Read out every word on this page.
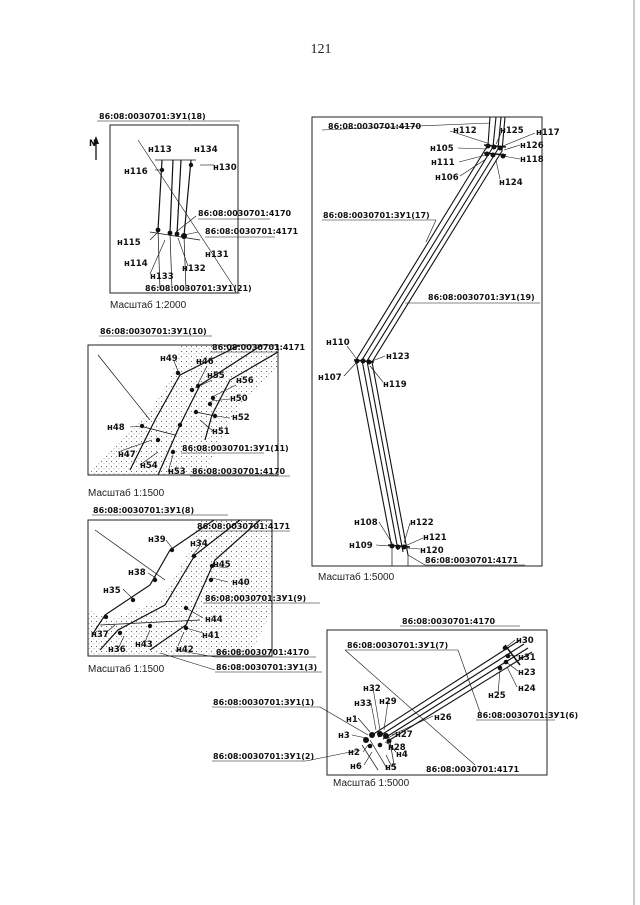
121
N
н113	н134
н116	н130
н115
н114
н131
н133
н132
86:08:0030701:ЗУ1(18)
86:08:0030701:4170
86:08:0030701:4171
86:08:0030701:ЗУ1(21)
н49 н46
н55 н56
н50
н52
н48	н51
н47
н54
н53
86:08:0030701:ЗУ1(10)
86:08:0030701:4171
86:08:0030701:ЗУ1(11)
86:08:0030701:4170
н39	н34
н38
н45
н40
н35
н44
н41
н37
н36 н43	н42
86:08:0030701:ЗУ1(8)
86:08:0030701:4171
86:08:0030701:ЗУ1(9)
86:08:0030701:4170
86:08:0030701:ЗУ1(3)
н112	н125 н117
н105	н126
н111	н118
н106	н124
н110
н123
н107
н119
н108	н122
н121
н109	н120
86:08:0030701:4170
86:08:0030701:ЗУ1(17)
86:08:0030701:ЗУ1(19)
86:08:0030701:4171
н30
н31
н23
н24
н25
н32
н33 н29
н1	н26
н3	н27
н28
н2	н4
н6	н5
86:08:0030701:4170
86:08:0030701:ЗУ1(7)
86:08:0030701:ЗУ1(6)
86:08:0030701:ЗУ1(1)
86:08:0030701:ЗУ1(2)
86:08:0030701:4171
Масштаб 1:2000
Масштаб 1:1500
Масштаб 1:1500
Масштаб 1:5000
Масштаб 1:5000
